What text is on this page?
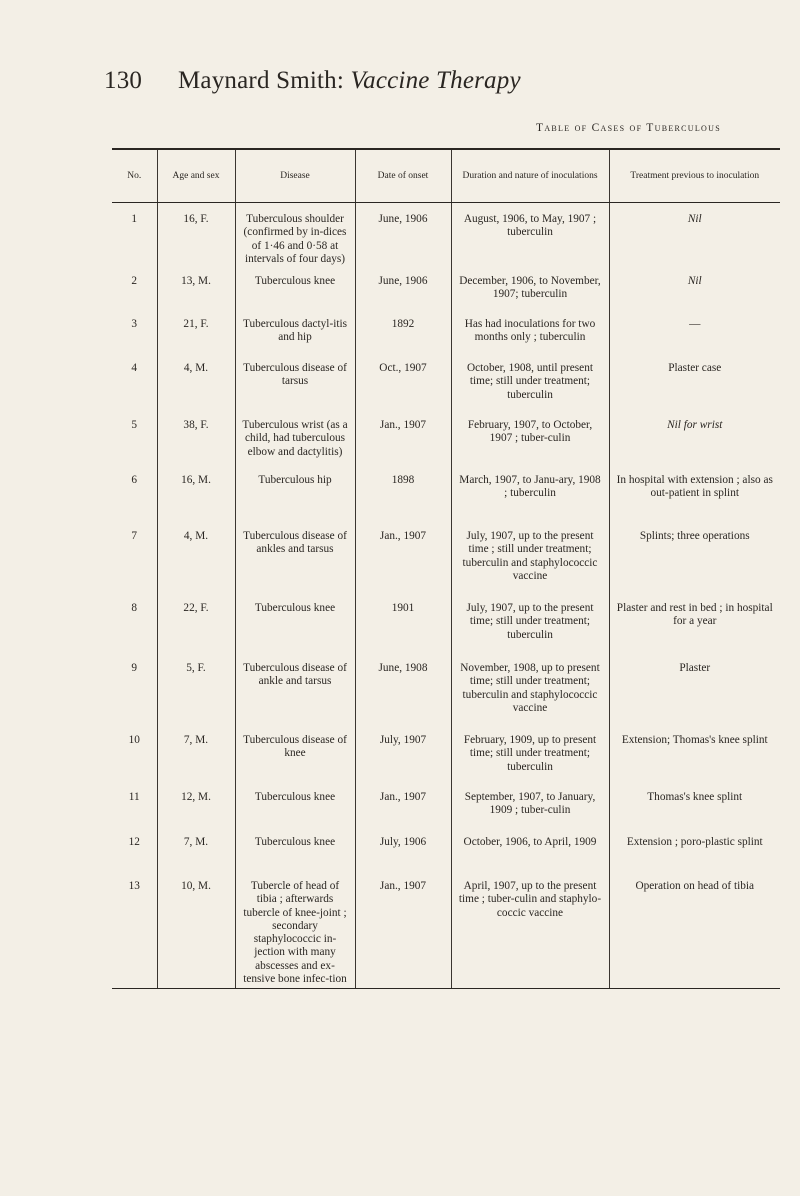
130 Maynard Smith: Vaccine Therapy
Table of Cases of Tuberculous
No.	Age and sex	Disease	Date of onset	Duration and nature of inoculations	Treatment previous to inoculation

1	16, F.	Tuberculous shoulder (confirmed by in-dices of 1·46 and 0·58 at intervals of four days)	June, 1906	August, 1906, to May, 1907 ; tuberculin	Nil
2	13, M.	Tuberculous knee	June, 1906	December, 1906, to November, 1907; tuberculin	Nil
3	21, F.	Tuberculous dactyl-itis and hip	1892	Has had inoculations for two months only ; tuberculin	—
4	4, M.	Tuberculous disease of tarsus	Oct., 1907	October, 1908, until present time; still under treatment; tuberculin	Plaster case
5	38, F.	Tuberculous wrist (as a child, had tuberculous elbow and dactylitis)	Jan., 1907	February, 1907, to October, 1907 ; tuber-culin	Nil for wrist
6	16, M.	Tuberculous hip	1898	March, 1907, to Janu-ary, 1908 ; tuberculin	In hospital with extension ; also as out-patient in splint
7	4, M.	Tuberculous disease of ankles and tarsus	Jan., 1907	July, 1907, up to the present time ; still under treatment; tuberculin and staphylococcic vaccine	Splints; three operations
8	22, F.	Tuberculous knee	1901	July, 1907, up to the present time; still under treatment; tuberculin	Plaster and rest in bed ; in hospital for a year
9	5, F.	Tuberculous disease of ankle and tarsus	June, 1908	November, 1908, up to present time; still under treatment; tuberculin and staphylococcic vaccine	Plaster
10	7, M.	Tuberculous disease of knee	July, 1907	February, 1909, up to present time; still under treatment; tuberculin	Extension; Thomas's knee splint
11	12, M.	Tuberculous knee	Jan., 1907	September, 1907, to January, 1909 ; tuber-culin	Thomas's knee splint
12	7, M.	Tuberculous knee	July, 1906	October, 1906, to April, 1909	Extension ; poro-plastic splint
13	10, M.	Tubercle of head of tibia ; afterwards tubercle of knee-joint ; secondary staphylococcic in-jection with many abscesses and ex-tensive bone infec-tion	Jan., 1907	April, 1907, up to the present time ; tuber-culin and staphylo-coccic vaccine	Operation on head of tibia
